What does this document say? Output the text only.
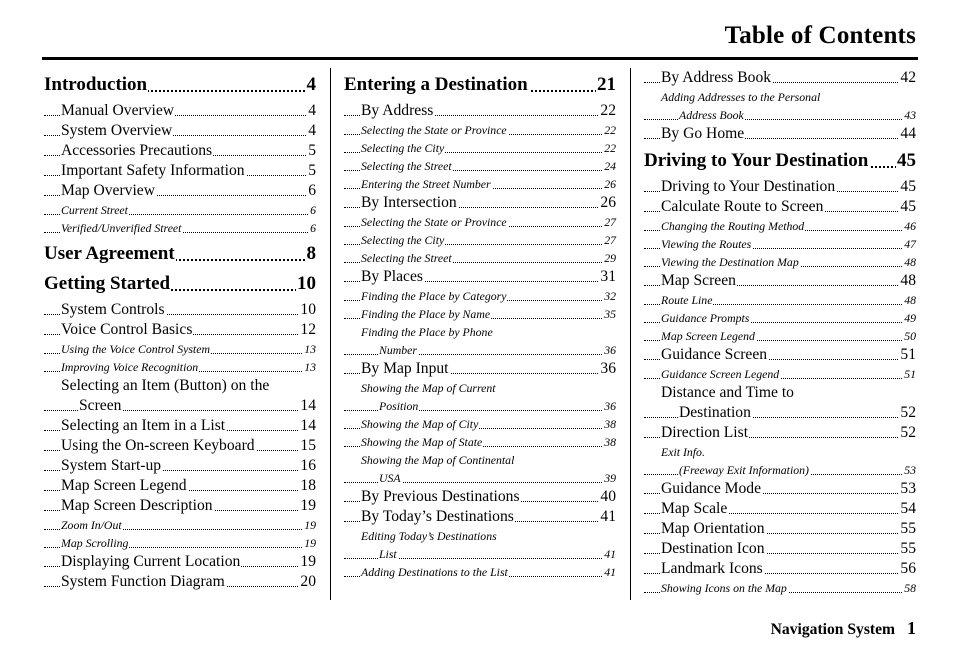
Table of Contents
Introduction	4
Manual Overview	4
System Overview	4
Accessories Precautions	5
Important Safety Information	5
Map Overview	6
Current Street	6
Verified/Unverified Street	6
User Agreement	8
Getting Started	10
System Controls	10
Voice Control Basics	12
Using the Voice Control System	13
Improving Voice Recognition	13
Selecting an Item (Button) on the
Screen	14
Selecting an Item in a List	14
Using the On-screen Keyboard	15
System Start-up	16
Map Screen Legend	18
Map Screen Description	19
Zoom In/Out	19
Map Scrolling	19
Displaying Current Location	19
System Function Diagram	20
Entering a Destination	21
By Address	22
Selecting the State or Province	22
Selecting the City	22
Selecting the Street	24
Entering the Street Number	26
By Intersection	26
Selecting the State or Province	27
Selecting the City	27
Selecting the Street	29
By Places	31
Finding the Place by Category	32
Finding the Place by Name	35
Finding the Place by Phone
Number	36
By Map Input	36
Showing the Map of Current
Position	36
Showing the Map of City	38
Showing the Map of State	38
Showing the Map of Continental
USA	39
By Previous Destinations	40
By Today’s Destinations	41
Editing Today’s Destinations
List	41
Adding Destinations to the List	41
By Address Book	42
Adding Addresses to the Personal
Address Book	43
By Go Home	44
Driving to Your Destination 45
Driving to Your Destination	45
Calculate Route to Screen	45
Changing the Routing Method	46
Viewing the Routes	47
Viewing the Destination Map	48
Map Screen	48
Route Line	48
Guidance Prompts	49
Map Screen Legend	50
Guidance Screen	51
Guidance Screen Legend	51
Distance and Time to
Destination	52
Direction List	52
Exit Info.
(Freeway Exit Information)	53
Guidance Mode	53
Map Scale	54
Map Orientation	55
Destination Icon	55
Landmark Icons	56
Showing Icons on the Map	58
Navigation System 1
